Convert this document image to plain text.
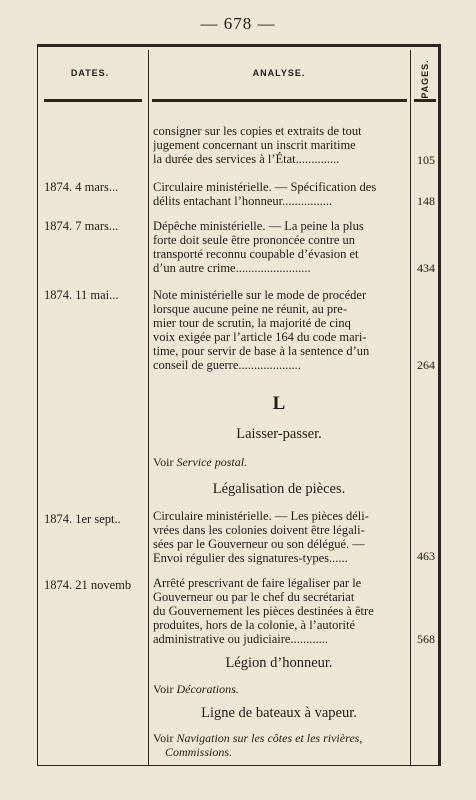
— 678 —
DATES.	ANALYSE.	PAGES.
consigner sur les copies et extraits de tout
jugement concernant un inscrit maritime
la durée des services à l’État..............	105
1874. 4 mars...	Circulaire ministérielle. — Spécification des
délits entachant l’honneur................	148
1874. 7 mars...	Dépêche ministérielle. — La peine la plus
forte doit seule être prononcée contre un
transporté reconnu coupable d’évasion et
d’un autre crime........................	434
1874. 11 mai...	Note ministérielle sur le mode de procéder
lorsque aucune peine ne réunit, au pre-
mier tour de scrutin, la majorité de cinq
voix exigée par l’article 164 du code mari-
time, pour servir de base à la sentence d’un
conseil de guerre....................	264
L
Laisser-passer.
Voir Service postal.
Légalisation de pièces.
1874. 1er sept..	Circulaire ministérielle. — Les pièces déli-
vrées dans les colonies doivent être légali-
sées par le Gouverneur ou son délégué. —
Envoi régulier des signatures-types......	463
1874. 21 novemb	Arrêté prescrivant de faire légaliser par le
Gouverneur ou par le chef du secrétariat
du Gouvernement les pièces destinées à être
produites, hors de la colonie, à l’autorité
administrative ou judiciaire............	568
Légion d’honneur.
Voir Décorations.
Ligne de bateaux à vapeur.
Voir Navigation sur les côtes et les rivières,
Commissions.
